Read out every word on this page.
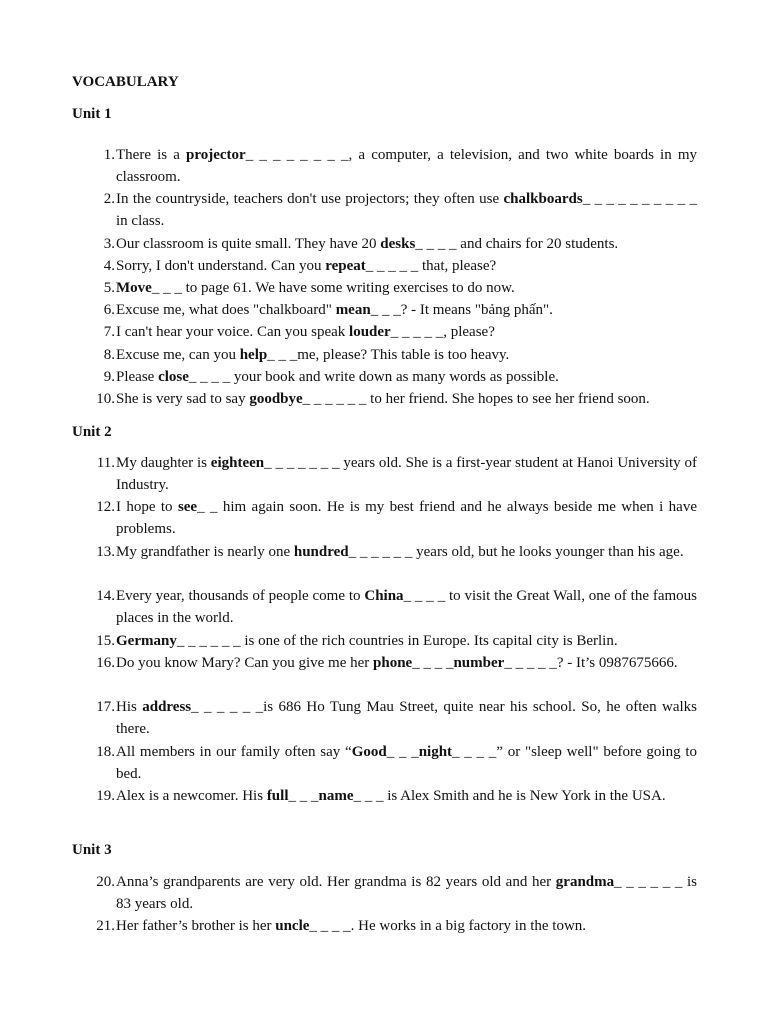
VOCABULARY
Unit 1
1. There is a projector_ _ _ _ _ _ _ _, a computer, a television, and two white boards in my classroom.
2. In the countryside, teachers don't use projectors; they often use chalkboards_ _ _ _ _ _ _ _ _ _ in class.
3. Our classroom is quite small. They have 20 desks_ _ _ _ and chairs for 20 students.
4. Sorry, I don't understand. Can you repeat_ _ _ _ _ that, please?
5. Move_ _ _ to page 61. We have some writing exercises to do now.
6. Excuse me, what does "chalkboard" mean_ _ _? - It means "bảng phấn".
7. I can't hear your voice. Can you speak louder_ _ _ _ _, please?
8. Excuse me, can you help_ _ _me, please? This table is too heavy.
9. Please close_ _ _ _ your book and write down as many words as possible.
10. She is very sad to say goodbye_ _ _ _ _ _ to her friend. She hopes to see her friend soon.
Unit 2
11. My daughter is eighteen_ _ _ _ _ _ _ years old. She is a first-year student at Hanoi University of Industry.
12. I hope to see_ _ him again soon. He is my best friend and he always beside me when i have problems.
13. My grandfather is nearly one hundred_ _ _ _ _ _ years old, but he looks younger than his age.
14. Every year, thousands of people come to China_ _ _ _ to visit the Great Wall, one of the famous places in the world.
15. Germany_ _ _ _ _ _ is one of the rich countries in Europe. Its capital city is Berlin.
16. Do you know Mary? Can you give me her phone_ _ _ _number_ _ _ _ _? - It’s 0987675666.
17. His address_ _ _ _ _ _is 686 Ho Tung Mau Street, quite near his school. So, he often walks there.
18. All members in our family often say “Good_ _ _night_ _ _ _” or "sleep well" before going to bed.
19. Alex is a newcomer. His full_ _ _name_ _ _ is Alex Smith and he is New York in the USA.
Unit 3
20. Anna’s grandparents are very old. Her grandma is 82 years old and her grandma_ _ _ _ _ _ is 83 years old.
21. Her father’s brother is her uncle_ _ _ _. He works in a big factory in the town.
